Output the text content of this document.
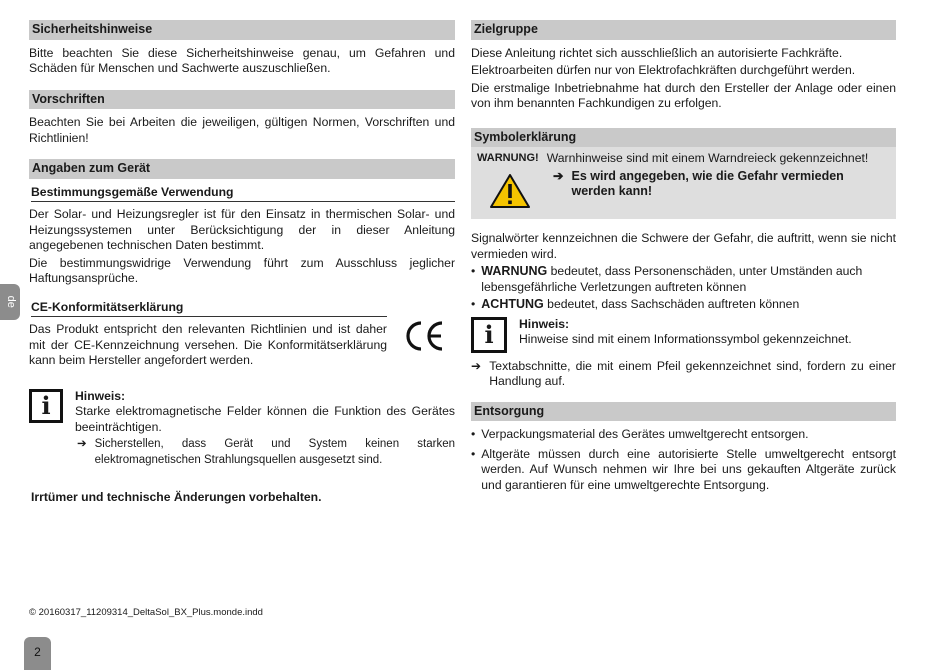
de
Sicherheitshinweise

Bitte beachten Sie diese Sicherheitshinweise genau, um Gefahren und Schäden für Menschen und Sachwerte auszuschließen.

Vorschriften

Beachten Sie bei Arbeiten die jeweiligen, gültigen Normen, Vorschriften und Richtlinien!

Angaben zum Gerät
Bestimmungsgemäße Verwendung

Der Solar- und Heizungsregler ist für den Einsatz in thermischen Solar- und Heizungssystemen unter Berücksichtigung der in dieser Anleitung angegebenen technischen Daten bestimmt.

Die bestimmungswidrige Verwendung führt zum Ausschluss jeglicher Haftungsansprüche.

CE-Konformitätserklärung

Das Produkt entspricht den relevanten Richtlinien und ist daher mit der CE-Kennzeichnung versehen. Die Konformitätserklärung kann beim Hersteller angefordert werden.

i Hinweis:

Starke elektromagnetische Felder können die Funktion des Gerätes beeinträchtigen.

➔ Sicherstellen, dass Gerät und System keinen starken elektromagnetischen Strahlungsquellen ausgesetzt sind.

Irrtümer und technische Änderungen vorbehalten.
Zielgruppe

Diese Anleitung richtet sich ausschließlich an autorisierte Fachkräfte.

Elektroarbeiten dürfen nur von Elektrofachkräften durchgeführt werden.

Die erstmalige Inbetriebnahme hat durch den Ersteller der Anlage oder einen von ihm benannten Fachkundigen zu erfolgen.

Symbolerklärung
WARNUNG! Warnhinweise sind mit einem Warndreieck gekennzeichnet!
➔ Es wird angegeben, wie die Gefahr vermieden werden kann!

Signalwörter kennzeichnen die Schwere der Gefahr, die auftritt, wenn sie nicht vermieden wird.

• WARNUNG bedeutet, dass Personenschäden, unter Umständen auch lebensgefährliche Verletzungen auftreten können
• ACHTUNG bedeutet, dass Sachschäden auftreten können
i Hinweis:

Hinweise sind mit einem Informationssymbol gekennzeichnet.

➔ Textabschnitte, die mit einem Pfeil gekennzeichnet sind, fordern zu einer Handlung auf.

Entsorgung
• Verpackungsmaterial des Gerätes umweltgerecht entsorgen.

• Altgeräte müssen durch eine autorisierte Stelle umweltgerecht entsorgt werden. Auf Wunsch nehmen wir Ihre bei uns gekauften Altgeräte zurück und garantieren für eine umweltgerechte Entsorgung.

© 20160317_11209314_DeltaSol_BX_Plus.monde.indd
2
